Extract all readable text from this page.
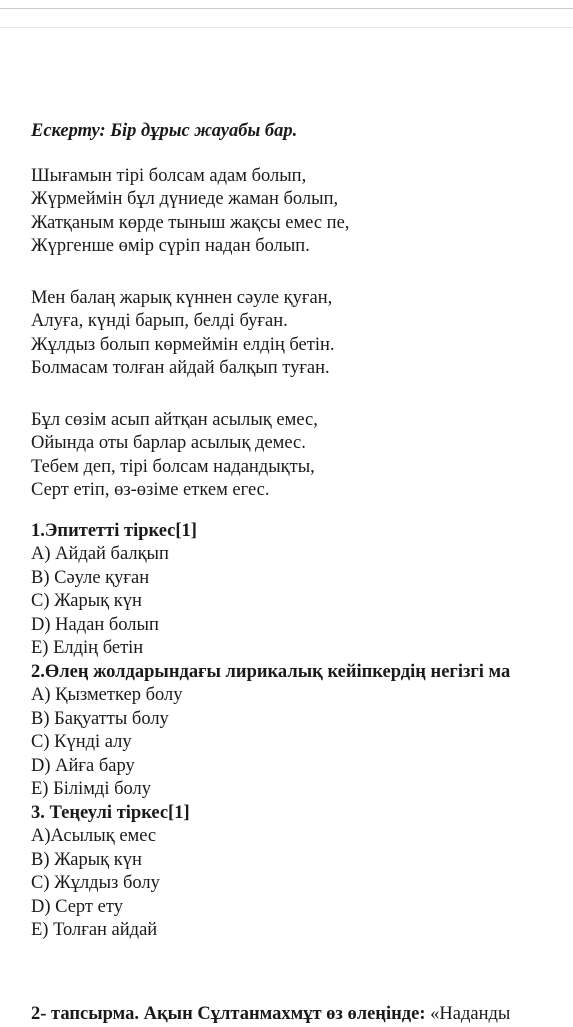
Ескерту: Бір дұрыс жауабы бар.
Шығамын тірі болсам адам болып,
Жүрмеймін бұл дүниеде жаман болып,
Жатқаным көрде тыныш жақсы емес пе,
Жүргенше өмір сүріп надан болып.
Мен балаң жарық күннен сәуле қуған,
Алуға, күнді барып, белді буған.
Жұлдыз болып көрмеймін елдің бетін.
Болмасам толған айдай балқып туған.
Бұл сөзім асып айтқан асылық емес,
Ойында оты барлар асылық демес.
Тебем деп, тірі болсам надандықты,
Серт етіп, өз-өзіме еткем егес.
1.Эпитетті тіркес[1]
A) Айдай балқып
B) Сәуле қуған
C) Жарық күн
D) Надан болып
E) Елдің бетін
2.Өлең жолдарындағы лирикалық кейіпкердің негізгі ма
A) Қызметкер болу
B) Бақуатты болу
C) Күнді алу
D) Айға бару
E) Білімді болу
3. Теңеулі тіркес[1]
A)Асылық емес
B) Жарық күн
C) Жұлдыз болу
D) Серт ету
E) Толған айдай
2- тапсырма. Ақын Сұлтанмахмұт өз өлеңінде: «Наданды
